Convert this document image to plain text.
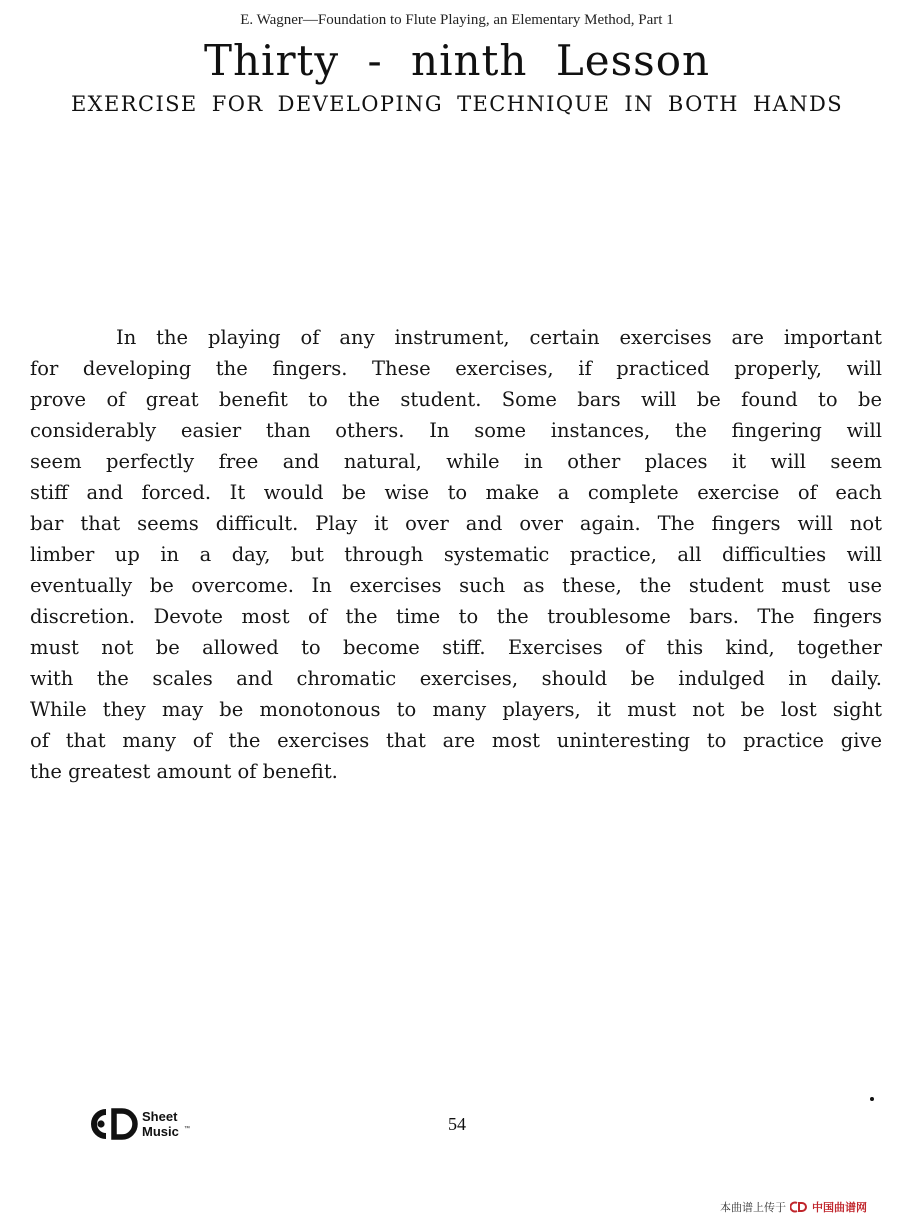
E. Wagner—Foundation to Flute Playing, an Elementary Method, Part 1
Thirty - ninth Lesson
EXERCISE FOR DEVELOPING TECHNIQUE IN BOTH HANDS
In the playing of any instrument, certain exercises are important
for developing the fingers. These exercises, if practiced properly, will
prove of great benefit to the student. Some bars will be found to be
considerably easier than others. In some instances, the fingering will
seem perfectly free and natural, while in other places it will seem
stiff and forced. It would be wise to make a complete exercise of each
bar that seems difficult. Play it over and over again. The fingers will not
limber up in a day, but through systematic practice, all difficulties will
eventually be overcome. In exercises such as these, the student must use
discretion. Devote most of the time to the troublesome bars. The fingers
must not be allowed to become stiff. Exercises of this kind, together
with the scales and chromatic exercises, should be indulged in daily.
While they may be monotonous to many players, it must not be lost sight
of that many of the exercises that are most uninteresting to practice give
the greatest amount of benefit.
Sheet
Music ™	54
本曲谱上传于 中国曲谱网
